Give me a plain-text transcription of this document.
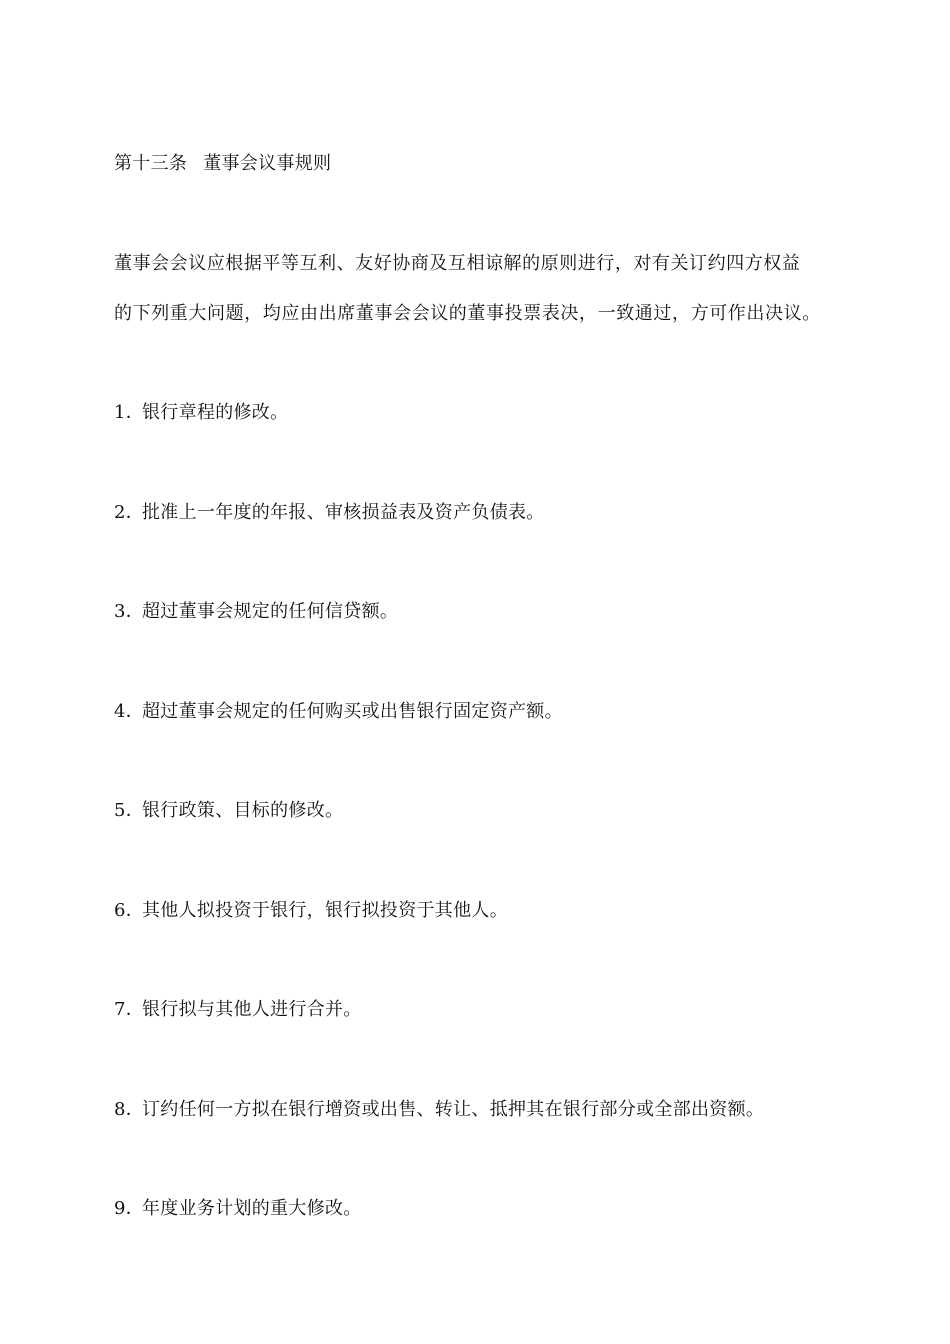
第十三条 董事会议事规则
董事会会议应根据平等互利、友好协商及互相谅解的原则进行，对有关订约四方权益
的下列重大问题，均应由出席董事会会议的董事投票表决，一致通过，方可作出决议。
1．银行章程的修改。
2．批准上一年度的年报、审核损益表及资产负债表。
3．超过董事会规定的任何信贷额。
4．超过董事会规定的任何购买或出售银行固定资产额。
5．银行政策、目标的修改。
6．其他人拟投资于银行，银行拟投资于其他人。
7．银行拟与其他人进行合并。
8．订约任何一方拟在银行增资或出售、转让、抵押其在银行部分或全部出资额。
9．年度业务计划的重大修改。
